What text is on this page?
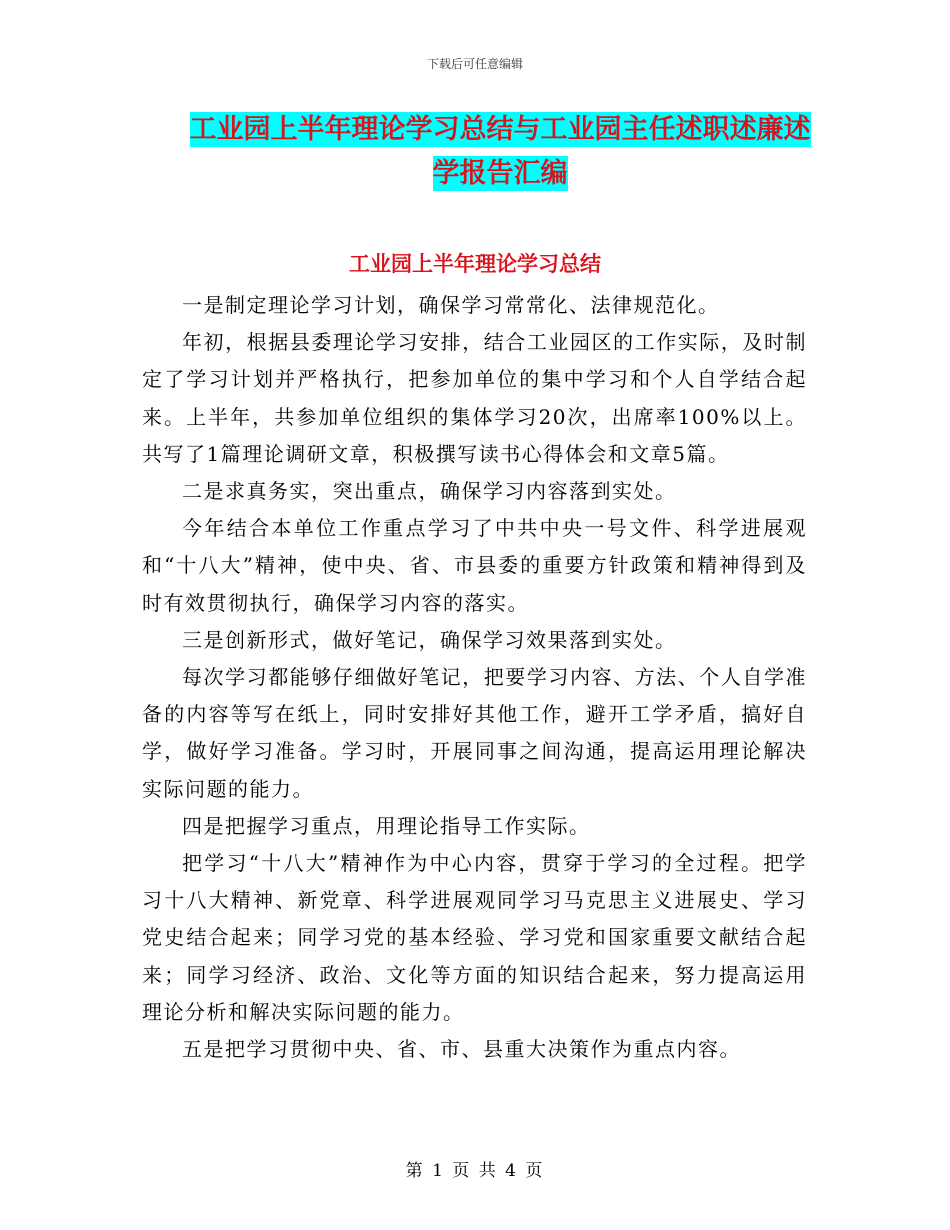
下载后可任意编辑
工业园上半年理论学习总结与工业园主任述职述廉述
学报告汇编
工业园上半年理论学习总结

一是制定理论学习计划，确保学习常常化、法律规范化。

年初，根据县委理论学习安排，结合工业园区的工作实际，及时制定了学习计划并严格执行，把参加单位的集中学习和个人自学结合起来。上半年，共参加单位组织的集体学习20次，出席率100%以上。共写了1篇理论调研文章，积极撰写读书心得体会和文章5篇。

二是求真务实，突出重点，确保学习内容落到实处。

今年结合本单位工作重点学习了中共中央一号文件、科学进展观和“十八大”精神，使中央、省、市县委的重要方针政策和精神得到及时有效贯彻执行，确保学习内容的落实。

三是创新形式，做好笔记，确保学习效果落到实处。

每次学习都能够仔细做好笔记，把要学习内容、方法、个人自学准备的内容等写在纸上，同时安排好其他工作，避开工学矛盾，搞好自学，做好学习准备。学习时，开展同事之间沟通，提高运用理论解决实际问题的能力。

四是把握学习重点，用理论指导工作实际。

把学习“十八大”精神作为中心内容，贯穿于学习的全过程。把学习十八大精神、新党章、科学进展观同学习马克思主义进展史、学习党史结合起来；同学习党的基本经验、学习党和国家重要文献结合起来；同学习经济、政治、文化等方面的知识结合起来，努力提高运用理论分析和解决实际问题的能力。

五是把学习贯彻中央、省、市、县重大决策作为重点内容。

第 1 页 共 4 页
